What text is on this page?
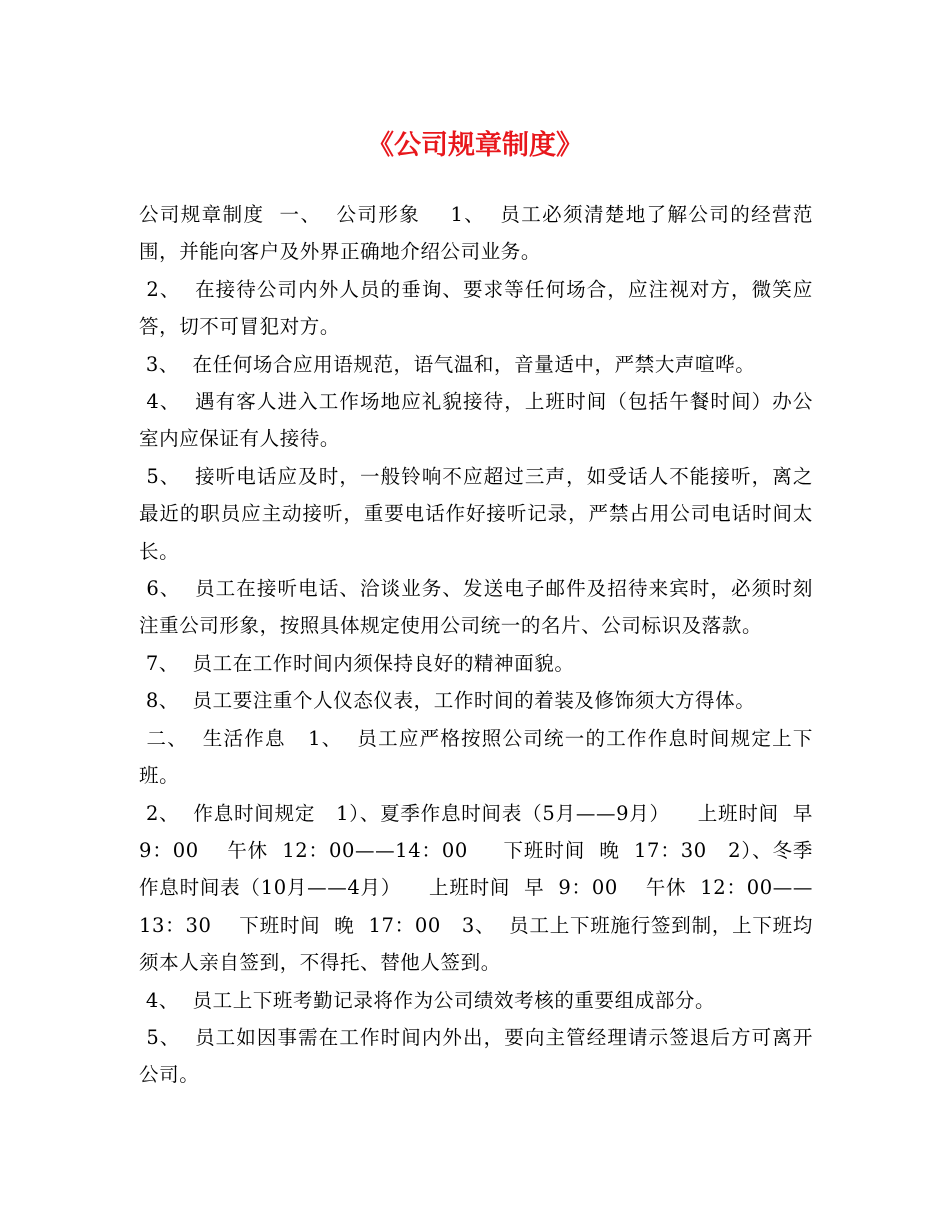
《公司规章制度》

公司规章制度  一、  公司形象    1、  员工必须清楚地了解公司的经营范围，并能向客户及外界正确地介绍公司业务。

2、  在接待公司内外人员的垂询、要求等任何场合，应注视对方，微笑应答，切不可冒犯对方。

3、  在任何场合应用语规范，语气温和，音量适中，严禁大声喧哗。

4、  遇有客人进入工作场地应礼貌接待，上班时间（包括午餐时间）办公室内应保证有人接待。

5、  接听电话应及时，一般铃响不应超过三声，如受话人不能接听，离之最近的职员应主动接听，重要电话作好接听记录，严禁占用公司电话时间太长。

6、  员工在接听电话、洽谈业务、发送电子邮件及招待来宾时，必须时刻注重公司形象，按照具体规定使用公司统一的名片、公司标识及落款。

7、  员工在工作时间内须保持良好的精神面貌。

8、  员工要注重个人仪态仪表，工作时间的着装及修饰须大方得体。

二、  生活作息   1、  员工应严格按照公司统一的工作作息时间规定上下班。

2、  作息时间规定   1）、夏季作息时间表（5月——9月）    上班时间  早 9：00    午休  12：00——14：00     下班时间  晚  17：30   2）、冬季作息时间表（10月——4月）    上班时间  早  9：00    午休  12：00——13：30    下班时间  晚  17：00   3、  员工上下班施行签到制，上下班均须本人亲自签到，不得托、替他人签到。

4、  员工上下班考勤记录将作为公司绩效考核的重要组成部分。

5、  员工如因事需在工作时间内外出，要向主管经理请示签退后方可离开公司。
